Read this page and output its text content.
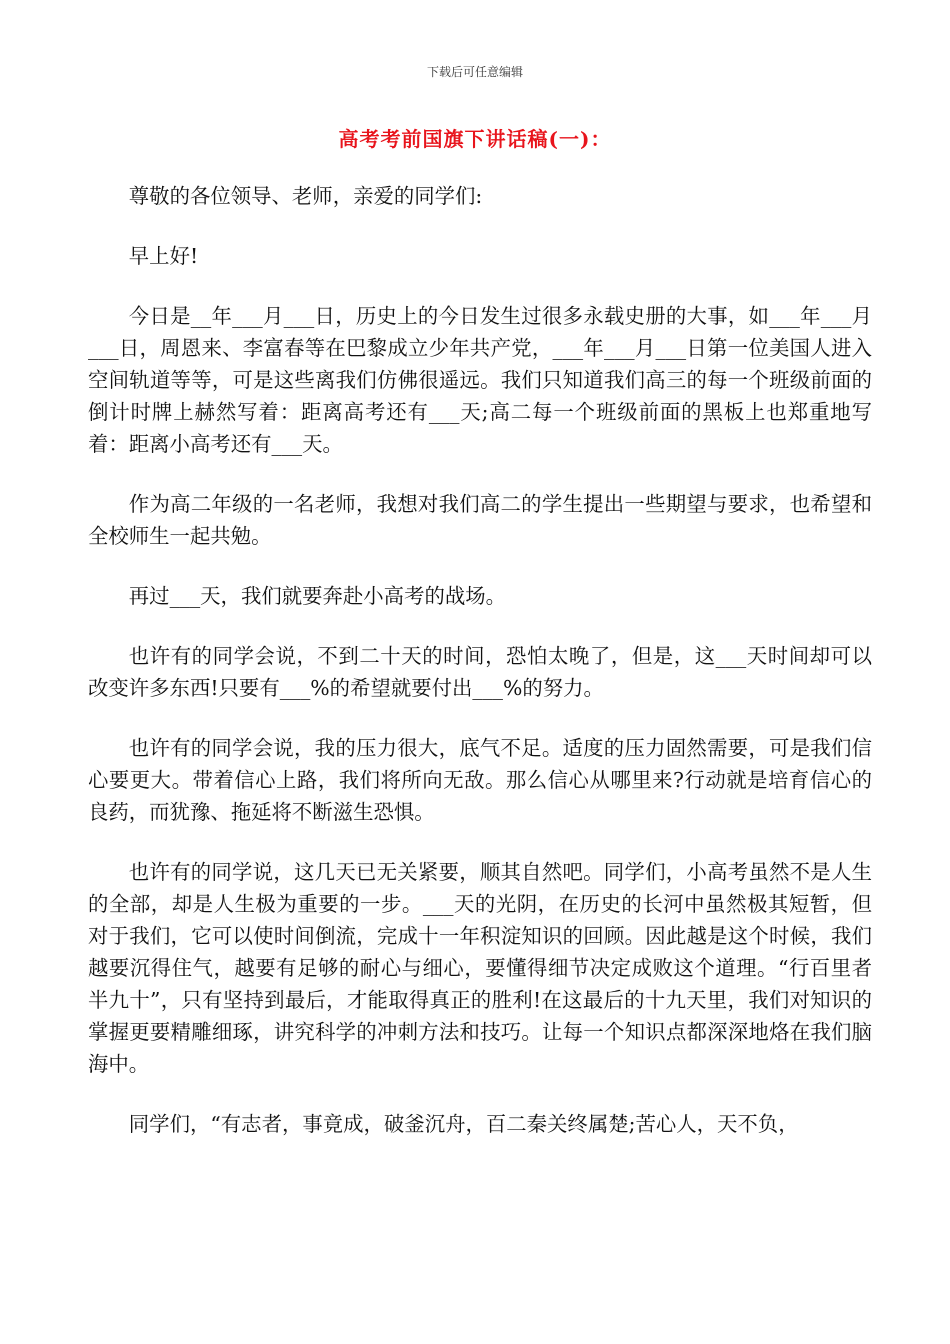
下载后可任意编辑
高考考前国旗下讲话稿(一)：

尊敬的各位领导、老师，亲爱的同学们:

早上好!

今日是__年___月___日，历史上的今日发生过很多永载史册的大事，如___年___月___日，周恩来、李富春等在巴黎成立少年共产党，___年___月___日第一位美国人进入空间轨道等等，可是这些离我们仿佛很遥远。我们只知道我们高三的每一个班级前面的倒计时牌上赫然写着：距离高考还有___天;高二每一个班级前面的黑板上也郑重地写着：距离小高考还有___天。

作为高二年级的一名老师，我想对我们高二的学生提出一些期望与要求，也希望和全校师生一起共勉。

再过___天，我们就要奔赴小高考的战场。

也许有的同学会说，不到二十天的时间，恐怕太晚了，但是，这___天时间却可以改变许多东西!只要有___%的希望就要付出___%的努力。

也许有的同学会说，我的压力很大，底气不足。适度的压力固然需要，可是我们信心要更大。带着信心上路，我们将所向无敌。那么信心从哪里来?行动就是培育信心的良药，而犹豫、拖延将不断滋生恐惧。

也许有的同学说，这几天已无关紧要，顺其自然吧。同学们，小高考虽然不是人生的全部，却是人生极为重要的一步。___天的光阴，在历史的长河中虽然极其短暂，但对于我们，它可以使时间倒流，完成十一年积淀知识的回顾。因此越是这个时候，我们越要沉得住气，越要有足够的耐心与细心，要懂得细节决定成败这个道理。“行百里者半九十”，只有坚持到最后，才能取得真正的胜利!在这最后的十九天里，我们对知识的掌握更要精雕细琢，讲究科学的冲刺方法和技巧。让每一个知识点都深深地烙在我们脑海中。

同学们，“有志者，事竟成，破釜沉舟，百二秦关终属楚;苦心人，天不负，
